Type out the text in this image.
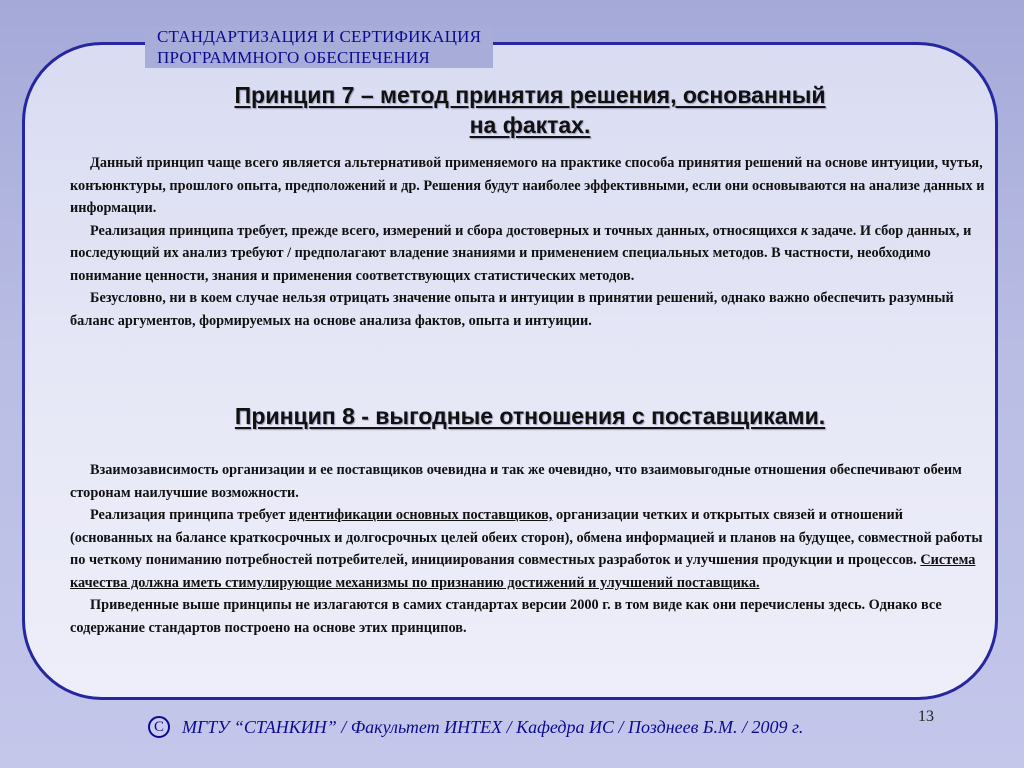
СТАНДАРТИЗАЦИЯ И СЕРТИФИКАЦИЯ
ПРОГРАММНОГО ОБЕСПЕЧЕНИЯ
Принцип 7 – метод принятия решения, основанный
на фактах.

Данный принцип чаще всего является альтернативой применяемого на практике способа принятия решений на основе интуиции, чутья, конъюнктуры, прошлого опыта, предположений и др. Решения будут наиболее эффективными, если они основываются на анализе данных и информации.

Реализация принципа требует, прежде всего, измерений и сбора достоверных и точных данных, относящихся к задаче. И сбор данных, и последующий их анализ требуют / предполагают владение знаниями и применением специальных методов. В частности, необходимо понимание ценности, знания и применения соответствующих статистических методов.

Безусловно, ни в коем случае нельзя отрицать значение опыта и интуиции в принятии решений, однако важно обеспечить разумный баланс аргументов, формируемых на основе анализа фактов, опыта и интуиции.

Принцип 8 - выгодные отношения с поставщиками.

Взаимозависимость организации и ее поставщиков очевидна и так же очевидно, что взаимовыгодные отношения обеспечивают обеим сторонам наилучшие возможности.

Реализация принципа требует идентификации основных поставщиков, организации четких и открытых связей и отношений (основанных на балансе краткосрочных и долгосрочных целей обеих сторон), обмена информацией и планов на будущее, совместной работы по четкому пониманию потребностей потребителей, инициирования совместных разработок и улучшения продукции и процессов. Система качества должна иметь стимулирующие механизмы по признанию достижений и улучшений поставщика.

Приведенные выше принципы не излагаются в самих стандартах версии 2000 г. в том виде как они перечислены здесь. Однако все содержание стандартов построено на основе этих принципов.

C	МГТУ “СТАНКИН” / Факультет ИНТЕХ / Кафедра ИС / Позднеев Б.М. / 2009 г.	13
